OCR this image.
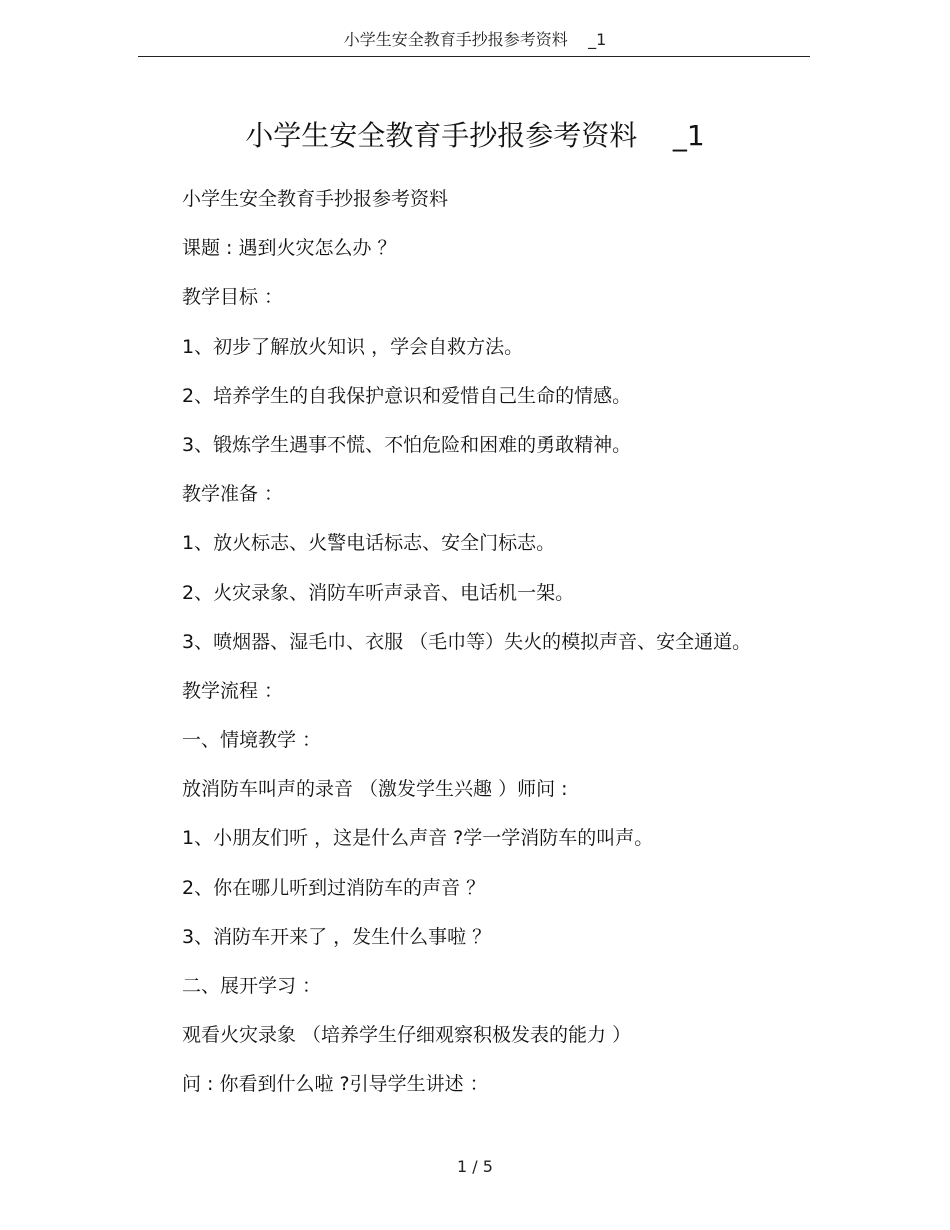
小学生安全教育手抄报参考资料    _1
小学生安全教育手抄报参考资料    _1

小学生安全教育手抄报参考资料

课题 : 遇到火灾怎么办 ？

教学目标 ：

1、初步了解放火知识 ，学会自救方法。

2、培养学生的自我保护意识和爱惜自己生命的情感。

3、锻炼学生遇事不慌、不怕危险和困难的勇敢精神。

教学准备 ：

1、放火标志、火警电话标志、安全门标志。

2、火灾录象、消防车听声录音、电话机一架。

3、喷烟器、湿毛巾、衣服 （毛巾等）失火的模拟声音、安全通道。

教学流程 ：

一、情境教学 ：

放消防车叫声的录音 （激发学生兴趣 ）师问 :

1、小朋友们听 ，这是什么声音 ?学一学消防车的叫声。

2、你在哪儿听到过消防车的声音 ？

3、消防车开来了 ，发生什么事啦 ？

二、展开学习 ：

观看火灾录象 （培养学生仔细观察积极发表的能力 ）

问 : 你看到什么啦 ?引导学生讲述 ：

1 / 5
